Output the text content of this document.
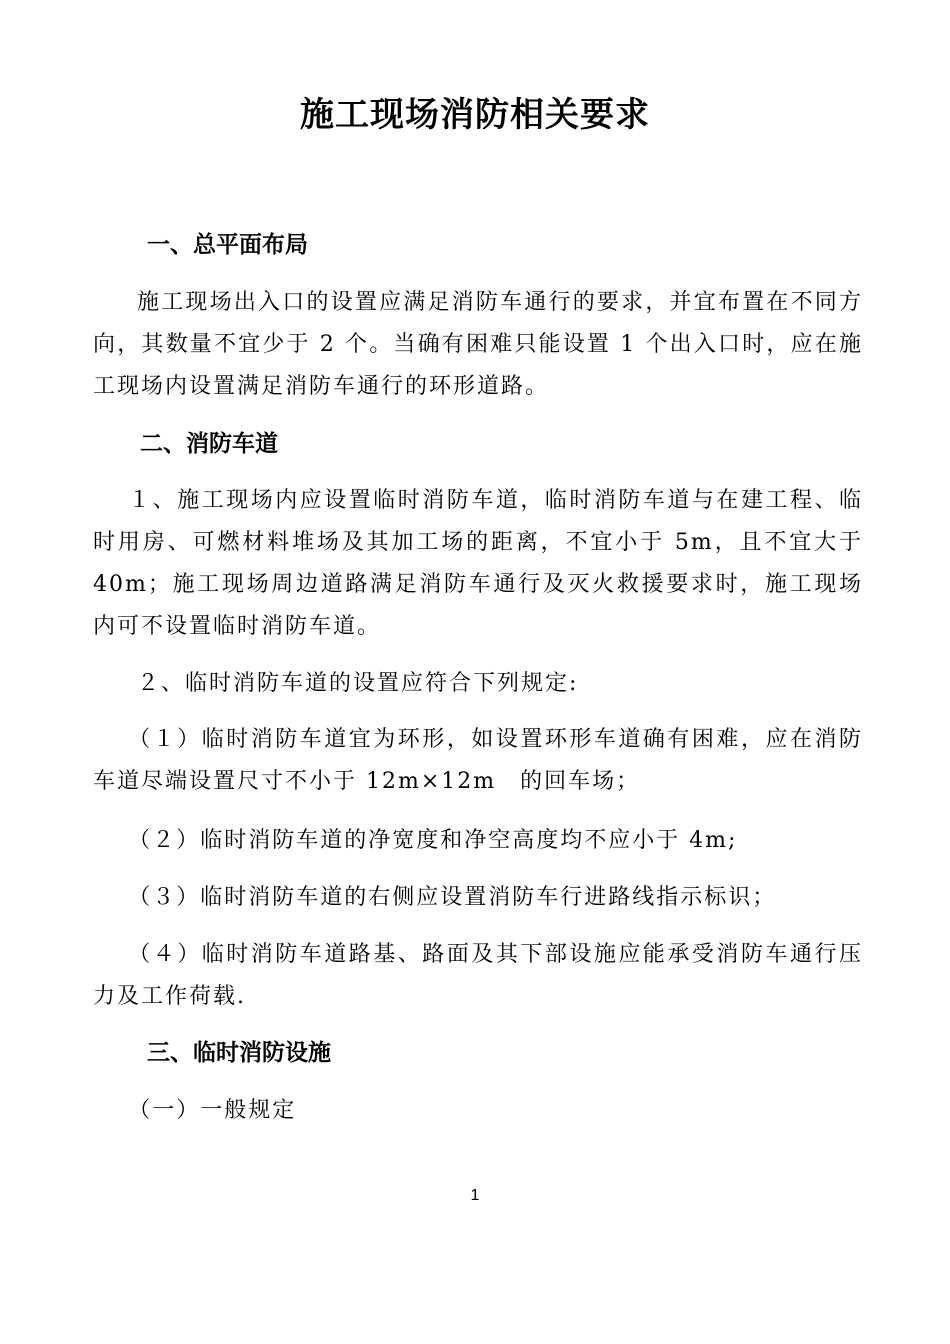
施工现场消防相关要求
一、总平面布局
施工现场出入口的设置应满足消防车通行的要求，并宜布置在不同方向，其数量不宜少于 2 个。当确有困难只能设置 1 个出入口时，应在施工现场内设置满足消防车通行的环形道路。
二、消防车道
１、施工现场内应设置临时消防车道，临时消防车道与在建工程、临时用房、可燃材料堆场及其加工场的距离，不宜小于 5m，且不宜大于 40m；施工现场周边道路满足消防车通行及灭火救援要求时，施工现场内可不设置临时消防车道。
２、临时消防车道的设置应符合下列规定:
（１）临时消防车道宜为环形，如设置环形车道确有困难，应在消防车道尽端设置尺寸不小于 12m×12m　的回车场；
（２）临时消防车道的净宽度和净空高度均不应小于 4m;
（３）临时消防车道的右侧应设置消防车行进路线指示标识；
（４）临时消防车道路基、路面及其下部设施应能承受消防车通行压力及工作荷载.
三、临时消防设施
（一）一般规定
1
